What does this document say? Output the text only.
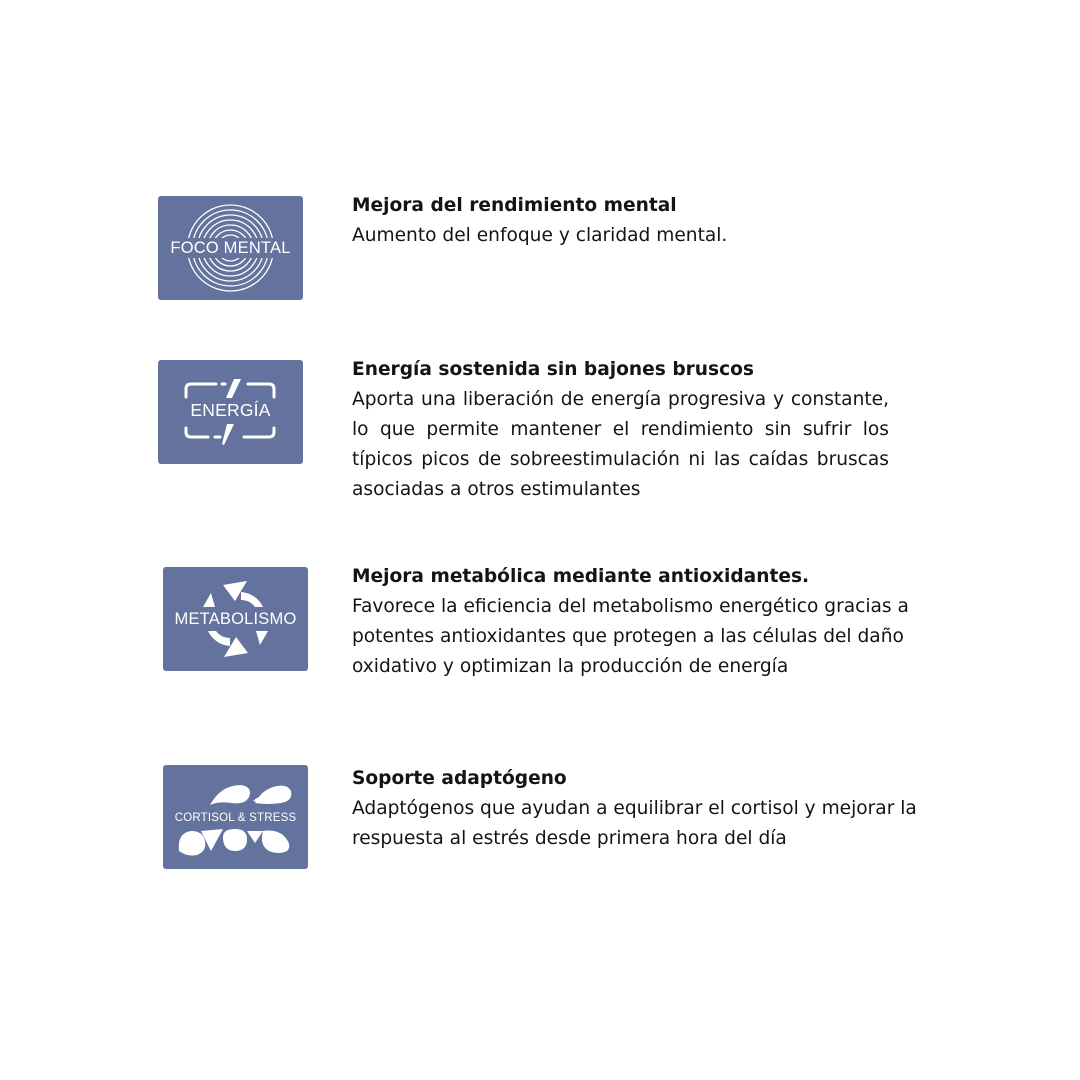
FOCO MENTAL

Mejora del rendimiento mental

Aumento del enfoque y claridad mental.

ENERGÍA

Energía sostenida sin bajones bruscos

Aporta una liberación de energía progresiva y constante, lo que permite mantener el rendimiento sin sufrir los típicos picos de sobreestimulación ni las caídas bruscas asociadas a otros estimulantes

METABOLISMO

Mejora metabólica mediante antioxidantes.

Favorece la eficiencia del metabolismo energético gracias a potentes antioxidantes que protegen a las células del daño oxidativo y optimizan la producción de energía

CORTISOL & STRESS

Soporte adaptógeno

Adaptógenos que ayudan a equilibrar el cortisol y mejorar la respuesta al estrés desde primera hora del día
